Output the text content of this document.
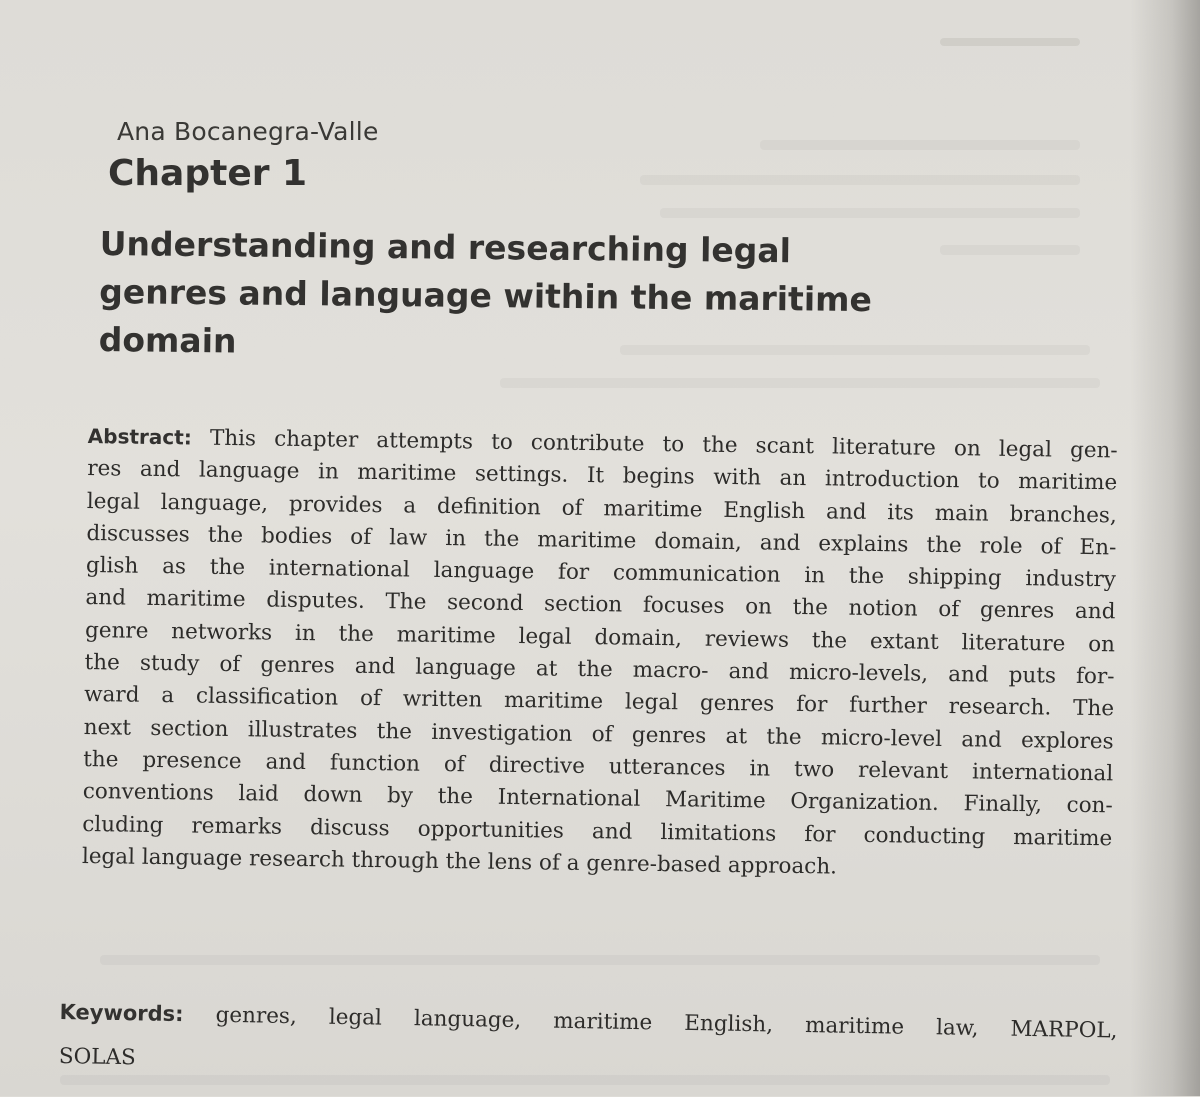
Ana Bocanegra-Valle
Chapter 1
Understanding and researching legal
genres and language within the maritime
domain
Abstract: This chapter attempts to contribute to the scant literature on legal gen-
res and language in maritime settings. It begins with an introduction to maritime
legal language, provides a definition of maritime English and its main branches,
discusses the bodies of law in the maritime domain, and explains the role of En-
glish as the international language for communication in the shipping industry
and maritime disputes. The second section focuses on the notion of genres and
genre networks in the maritime legal domain, reviews the extant literature on
the study of genres and language at the macro- and micro-levels, and puts for-
ward a classification of written maritime legal genres for further research. The
next section illustrates the investigation of genres at the micro-level and explores
the presence and function of directive utterances in two relevant international
conventions laid down by the International Maritime Organization. Finally, con-
cluding remarks discuss opportunities and limitations for conducting maritime
legal language research through the lens of a genre-based approach.
Keywords: genres, legal language, maritime English, maritime law, MARPOL,
SOLAS
